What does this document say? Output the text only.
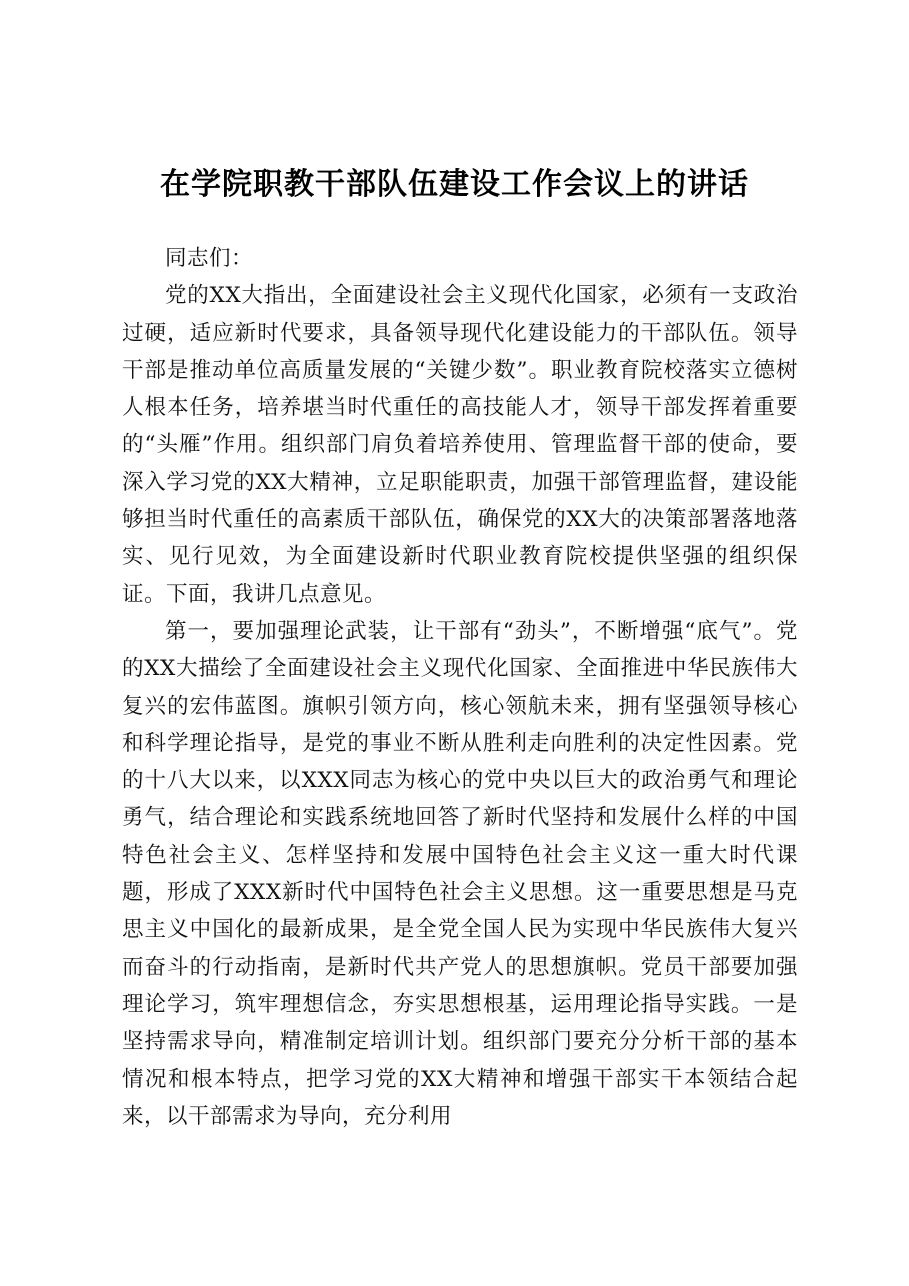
在学院职教干部队伍建设工作会议上的讲话

同志们：

党的XX大指出，全面建设社会主义现代化国家，必须有一支政治过硬，适应新时代要求，具备领导现代化建设能力的干部队伍。领导干部是推动单位高质量发展的“关键少数”。职业教育院校落实立德树人根本任务，培养堪当时代重任的高技能人才，领导干部发挥着重要的“头雁”作用。组织部门肩负着培养使用、管理监督干部的使命，要深入学习党的XX大精神，立足职能职责，加强干部管理监督，建设能够担当时代重任的高素质干部队伍，确保党的XX大的决策部署落地落实、见行见效，为全面建设新时代职业教育院校提供坚强的组织保证。下面，我讲几点意见。

第一，要加强理论武装，让干部有“劲头”，不断增强“底气”。党的XX大描绘了全面建设社会主义现代化国家、全面推进中华民族伟大复兴的宏伟蓝图。旗帜引领方向，核心领航未来，拥有坚强领导核心和科学理论指导，是党的事业不断从胜利走向胜利的决定性因素。党的十八大以来，以XXX同志为核心的党中央以巨大的政治勇气和理论勇气，结合理论和实践系统地回答了新时代坚持和发展什么样的中国特色社会主义、怎样坚持和发展中国特色社会主义这一重大时代课题，形成了XXX新时代中国特色社会主义思想。这一重要思想是马克思主义中国化的最新成果，是全党全国人民为实现中华民族伟大复兴而奋斗的行动指南，是新时代共产党人的思想旗帜。党员干部要加强理论学习，筑牢理想信念，夯实思想根基，运用理论指导实践。一是坚持需求导向，精准制定培训计划。组织部门要充分分析干部的基本情况和根本特点，把学习党的XX大精神和增强干部实干本领结合起来，以干部需求为导向，充分利用
